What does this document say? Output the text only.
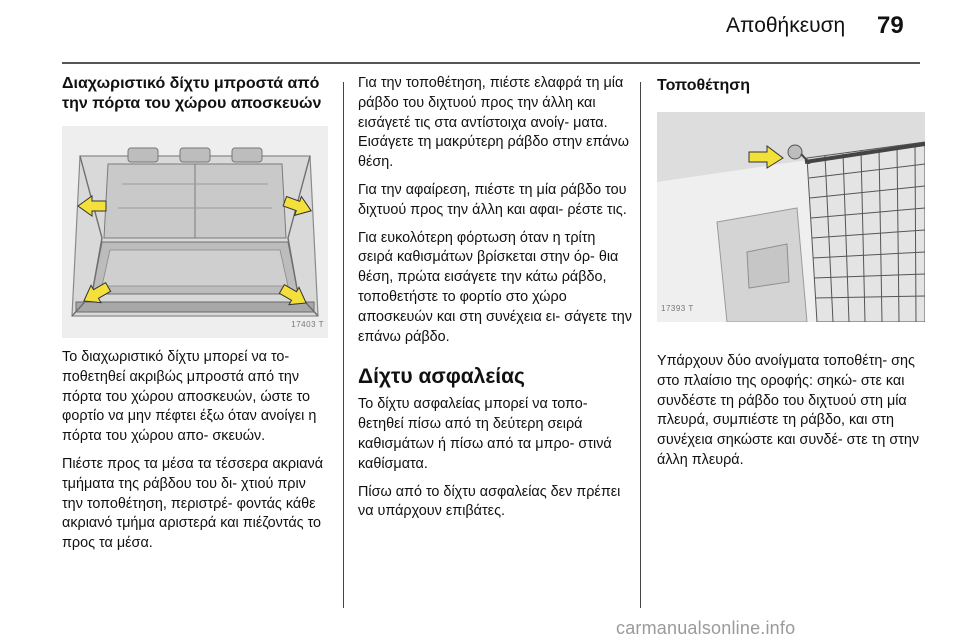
Αποθήκευση 79
Διαχωριστικό δίχτυ μπροστά από την πόρτα του χώρου αποσκευών
17403 T

Το διαχωριστικό δίχτυ μπορεί να το- ποθετηθεί ακριβώς μπροστά από την πόρτα του χώρου αποσκευών, ώστε το φορτίο να μην πέφτει έξω όταν ανοίγει η πόρτα του χώρου απο- σκευών.

Πιέστε προς τα μέσα τα τέσσερα ακριανά τμήματα της ράβδου του δι- χτιού πριν την τοποθέτηση, περιστρέ- φοντάς κάθε ακριανό τμήμα αριστερά και πιέζοντάς το προς τα μέσα.

Για την τοποθέτηση, πιέστε ελαφρά τη μία ράβδο του διχτυού προς την άλλη και εισάγετέ τις στα αντίστοιχα ανοίγ- ματα. Εισάγετε τη μακρύτερη ράβδο στην επάνω θέση.

Για την αφαίρεση, πιέστε τη μία ράβδο του διχτυού προς την άλλη και αφαι- ρέστε τις.

Για ευκολότερη φόρτωση όταν η τρίτη σειρά καθισμάτων βρίσκεται στην όρ- θια θέση, πρώτα εισάγετε την κάτω ράβδο, τοποθετήστε το φορτίο στο χώρο αποσκευών και στη συνέχεια ει- σάγετε την επάνω ράβδο.

Δίχτυ ασφαλείας

Το δίχτυ ασφαλείας μπορεί να τοπο- θετηθεί πίσω από τη δεύτερη σειρά καθισμάτων ή πίσω από τα μπρο- στινά καθίσματα.

Πίσω από το δίχτυ ασφαλείας δεν πρέπει να υπάρχουν επιβάτες.

Τοποθέτηση
17393 T

Υπάρχουν δύο ανοίγματα τοποθέτη- σης στο πλαίσιο της οροφής: σηκώ- στε και συνδέστε τη ράβδο του διχτυού στη μία πλευρά, συμπιέστε τη ράβδο, και στη συνέχεια σηκώστε και συνδέ- στε τη στην άλλη πλευρά.

carmanualsonline.info
